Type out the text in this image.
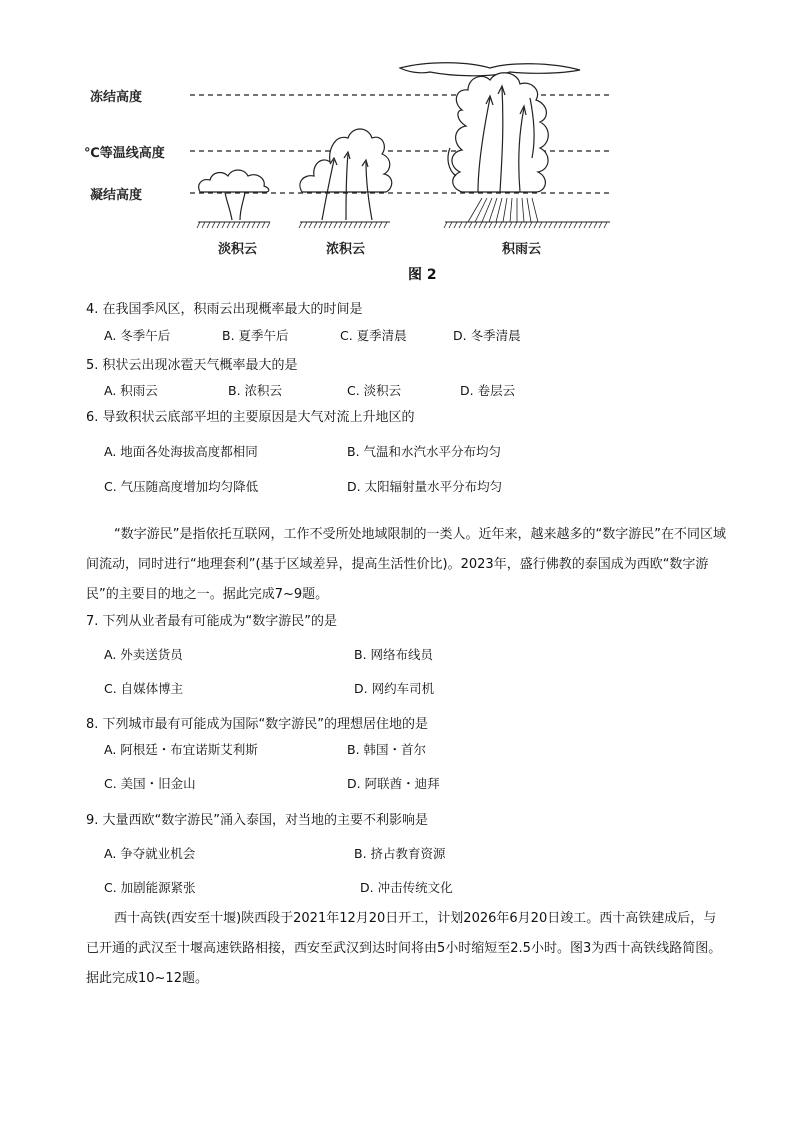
冻结高度
℃等温线高度
凝结高度
淡积云	浓积云	积雨云
图 2
4. 在我国季风区，积雨云出现概率最大的时间是
A. 冬季午后	B. 夏季午后	C. 夏季清晨	D. 冬季清晨
5. 积状云出现冰雹天气概率最大的是
A. 积雨云	B. 浓积云	C. 淡积云	D. 卷层云
6. 导致积状云底部平坦的主要原因是大气对流上升地区的
A. 地面各处海拔高度都相同	B. 气温和水汽水平分布均匀
C. 气压随高度增加均匀降低	D. 太阳辐射量水平分布均匀
“数字游民”是指依托互联网，工作不受所处地域限制的一类人。近年来，越来越多的“数字游民”在不同区域间流动，同时进行“地理套利”(基于区域差异，提高生活性价比)。2023年，盛行佛教的泰国成为西欧“数字游民”的主要目的地之一。据此完成7~9题。
7. 下列从业者最有可能成为“数字游民”的是
A. 外卖送货员	B. 网络布线员
C. 自媒体博主	D. 网约车司机
8. 下列城市最有可能成为国际“数字游民”的理想居住地的是
A. 阿根廷・布宜诺斯艾利斯	B. 韩国・首尔
C. 美国・旧金山	D. 阿联酋・迪拜
9. 大量西欧“数字游民”涌入泰国，对当地的主要不利影响是
A. 争夺就业机会	B. 挤占教育资源
C. 加剧能源紧张	D. 冲击传统文化
西十高铁(西安至十堰)陕西段于2021年12月20日开工，计划2026年6月20日竣工。西十高铁建成后，与已开通的武汉至十堰高速铁路相接，西安至武汉到达时间将由5小时缩短至2.5小时。图3为西十高铁线路简图。据此完成10~12题。
